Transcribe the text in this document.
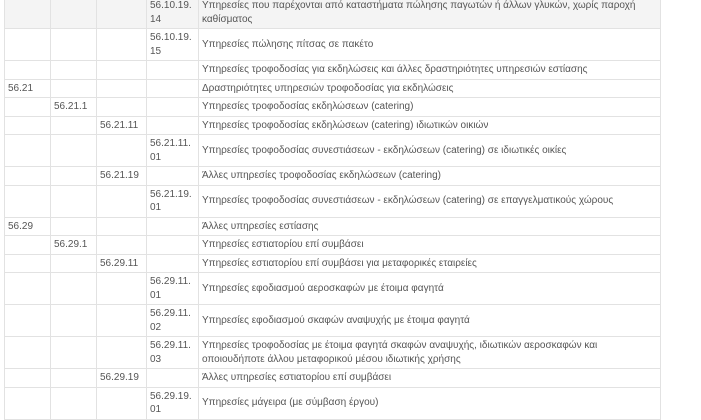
			56.10.19.14	Υπηρεσίες που παρέχονται από καταστήματα πώλησης παγωτών ή άλλων γλυκών, χωρίς παροχή καθίσματος
			56.10.19.15	Υπηρεσίες πώλησης πίτσας σε πακέτο
				Υπηρεσίες τροφοδοσίας για εκδηλώσεις και άλλες δραστηριότητες υπηρεσιών εστίασης
56.21				Δραστηριότητες υπηρεσιών τροφοδοσίας για εκδηλώσεις
	56.21.1			Υπηρεσίες τροφοδοσίας εκδηλώσεων (catering)
		56.21.11		Υπηρεσίες τροφοδοσίας εκδηλώσεων (catering) ιδιωτικών οικιών
			56.21.11.01	Υπηρεσίες τροφοδοσίας συνεστιάσεων - εκδηλώσεων (catering) σε ιδιωτικές οικίες
		56.21.19		Άλλες υπηρεσίες τροφοδοσίας εκδηλώσεων (catering)
			56.21.19.01	Υπηρεσίες τροφοδοσίας συνεστιάσεων - εκδηλώσεων (catering) σε επαγγελματικούς χώρους
56.29				Άλλες υπηρεσίες εστίασης
	56.29.1			Υπηρεσίες εστιατορίου επί συμβάσει
		56.29.11		Υπηρεσίες εστιατορίου επί συμβάσει για μεταφορικές εταιρείες
			56.29.11.01	Υπηρεσίες εφοδιασμού αεροσκαφών με έτοιμα φαγητά
			56.29.11.02	Υπηρεσίες εφοδιασμού σκαφών αναψυχής με έτοιμα φαγητά
			56.29.11.03	Υπηρεσίες τροφοδοσίας με έτοιμα φαγητά σκαφών αναψυχής, ιδιωτικών αεροσκαφών και οποιουδήποτε άλλου μεταφορικού μέσου ιδιωτικής χρήσης
		56.29.19		Άλλες υπηρεσίες εστιατορίου επί συμβάσει
			56.29.19.01	Υπηρεσίες μάγειρα (με σύμβαση έργου)
